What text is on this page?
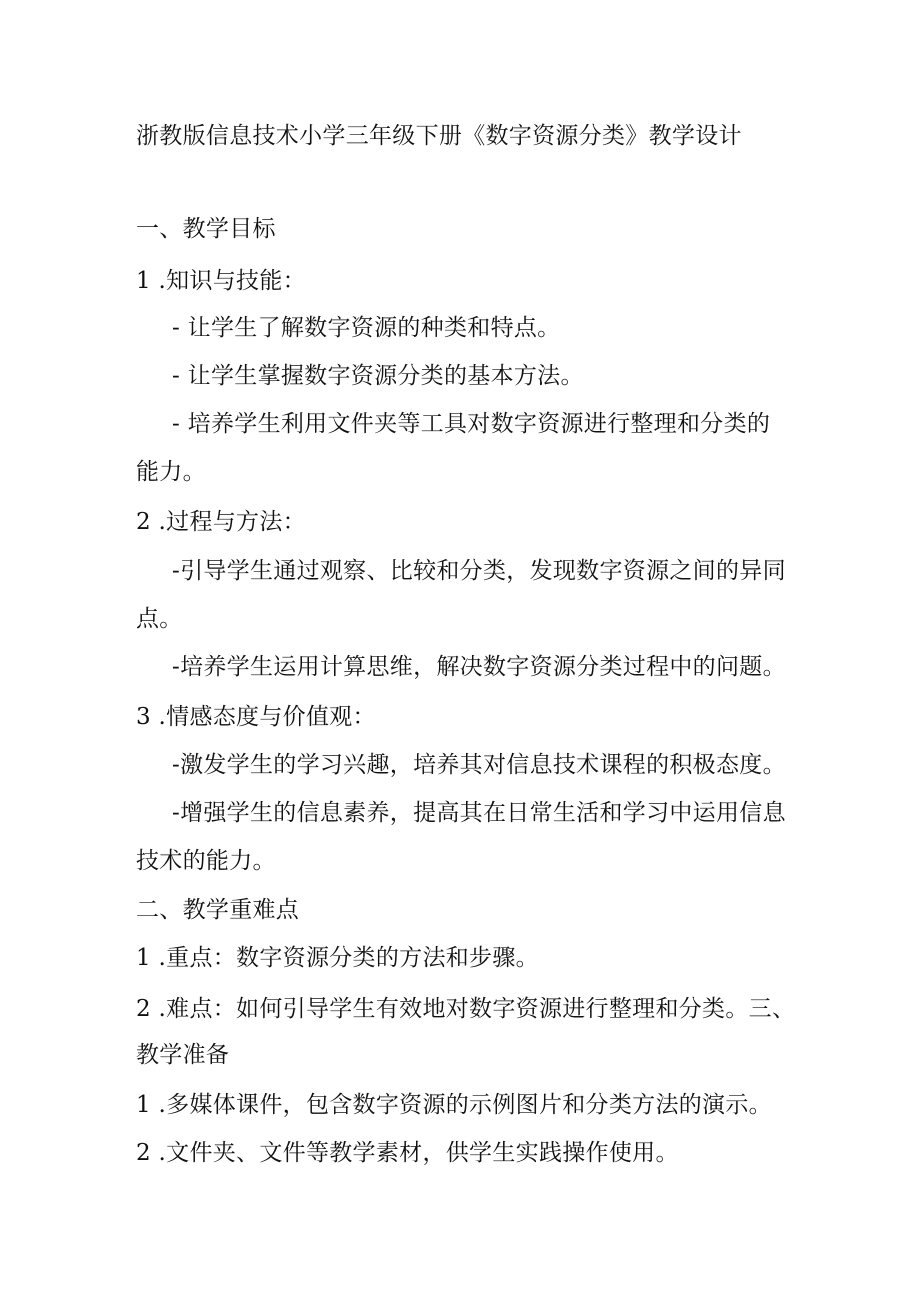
浙教版信息技术小学三年级下册《数字资源分类》教学设计
一、教学目标
1 .知识与技能：
- 让学生了解数字资源的种类和特点。
- 让学生掌握数字资源分类的基本方法。
- 培养学生利用文件夹等工具对数字资源进行整理和分类的
能力。
2 .过程与方法：
-引导学生通过观察、比较和分类，发现数字资源之间的异同
点。
-培养学生运用计算思维，解决数字资源分类过程中的问题。
3 .情感态度与价值观：
-激发学生的学习兴趣，培养其对信息技术课程的积极态度。
-增强学生的信息素养，提高其在日常生活和学习中运用信息
技术的能力。
二、教学重难点
1 .重点：数字资源分类的方法和步骤。
2 .难点：如何引导学生有效地对数字资源进行整理和分类。三、
教学准备
1 .多媒体课件，包含数字资源的示例图片和分类方法的演示。
2 .文件夹、文件等教学素材，供学生实践操作使用。
